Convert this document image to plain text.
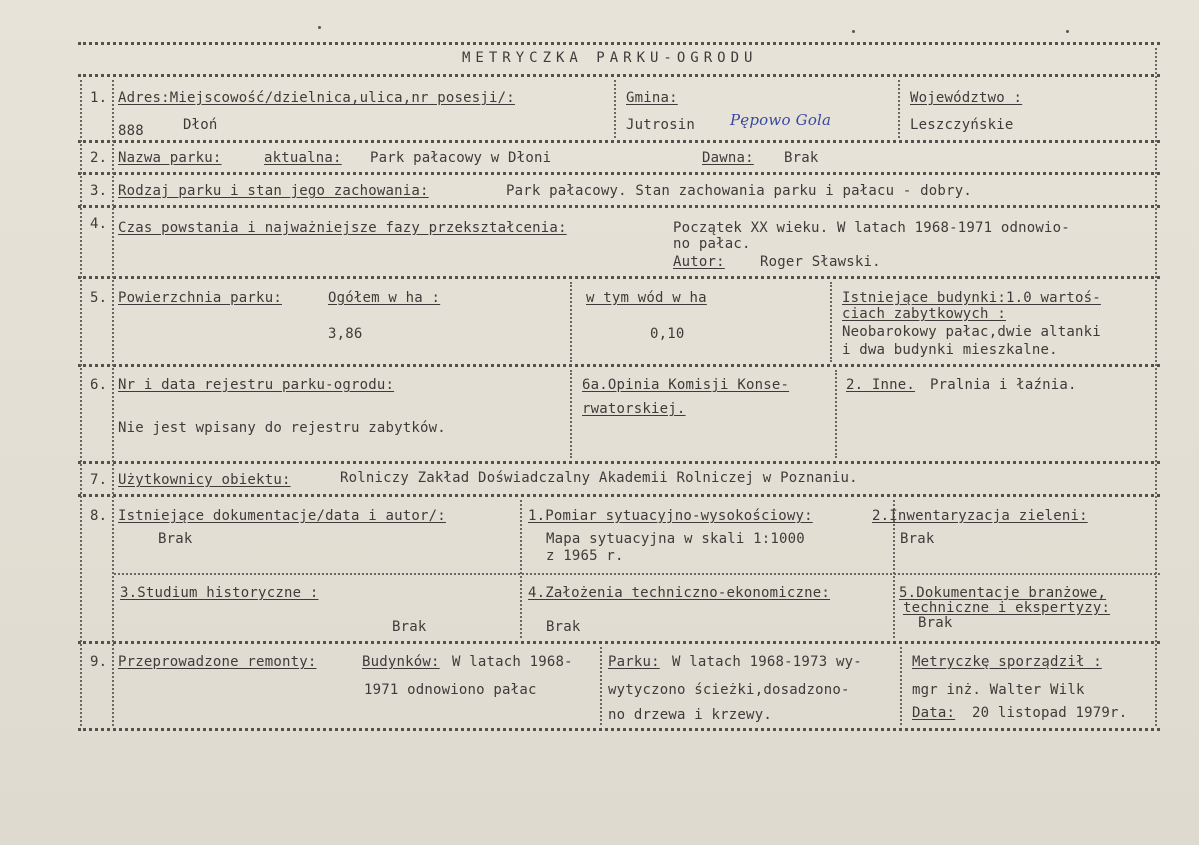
METRYCZKA PARKU-OGRODU
1. Adres:Miejscowość/dzielnica,ulica,nr posesji/:
888	Dłoń
Gmina:
Jutrosin Pępowo Gola
Województwo :
Leszczyńskie
2. Nazwa parku:	aktualna: Park pałacowy w Dłoni	Dawna: Brak
3. Rodzaj parku i stan jego zachowania:	Park pałacowy. Stan zachowania parku i pałacu - dobry.
4. Czas powstania i najważniejsze fazy przekształcenia:	Początek XX wieku. W latach 1968-1971 odnowio-
no pałac.
Autor:	Roger Sławski.
5. Powierzchnia parku:	Ogółem w ha :
3,86
w tym wód w ha
0,10
Istniejące budynki:1.0 wartoś-
ciach zabytkowych :
Neobarokowy pałac,dwie altanki
i dwa budynki mieszkalne.
6. Nr i data rejestru parku-ogrodu:
Nie jest wpisany do rejestru zabytków.
6a.Opinia Komisji Konse-
rwatorskiej.
2. Inne. Pralnia i łaźnia.
7. Użytkownicy obiektu:	Rolniczy Zakład Doświadczalny Akademii Rolniczej w Poznaniu.
8. Istniejące dokumentacje/data i autor/:
Brak
1.Pomiar sytuacyjno-wysokościowy:
Mapa sytuacyjna w skali 1:1000
z 1965 r.
2.Inwentaryzacja zieleni:
Brak
3.Studium historyczne :
Brak
4.Założenia techniczno-ekonomiczne:
Brak
5.Dokumentacje branżowe,
techniczne i ekspertyzy:
Brak
9. Przeprowadzone remonty:	Budynków: W latach 1968-
1971 odnowiono pałac
Parku: W latach 1968-1973 wy-
wytyczono ścieżki,dosadzono-
no drzewa i krzewy.
Metryczkę sporządził :
mgr inż. Walter Wilk
Data: 20 listopad 1979r.
